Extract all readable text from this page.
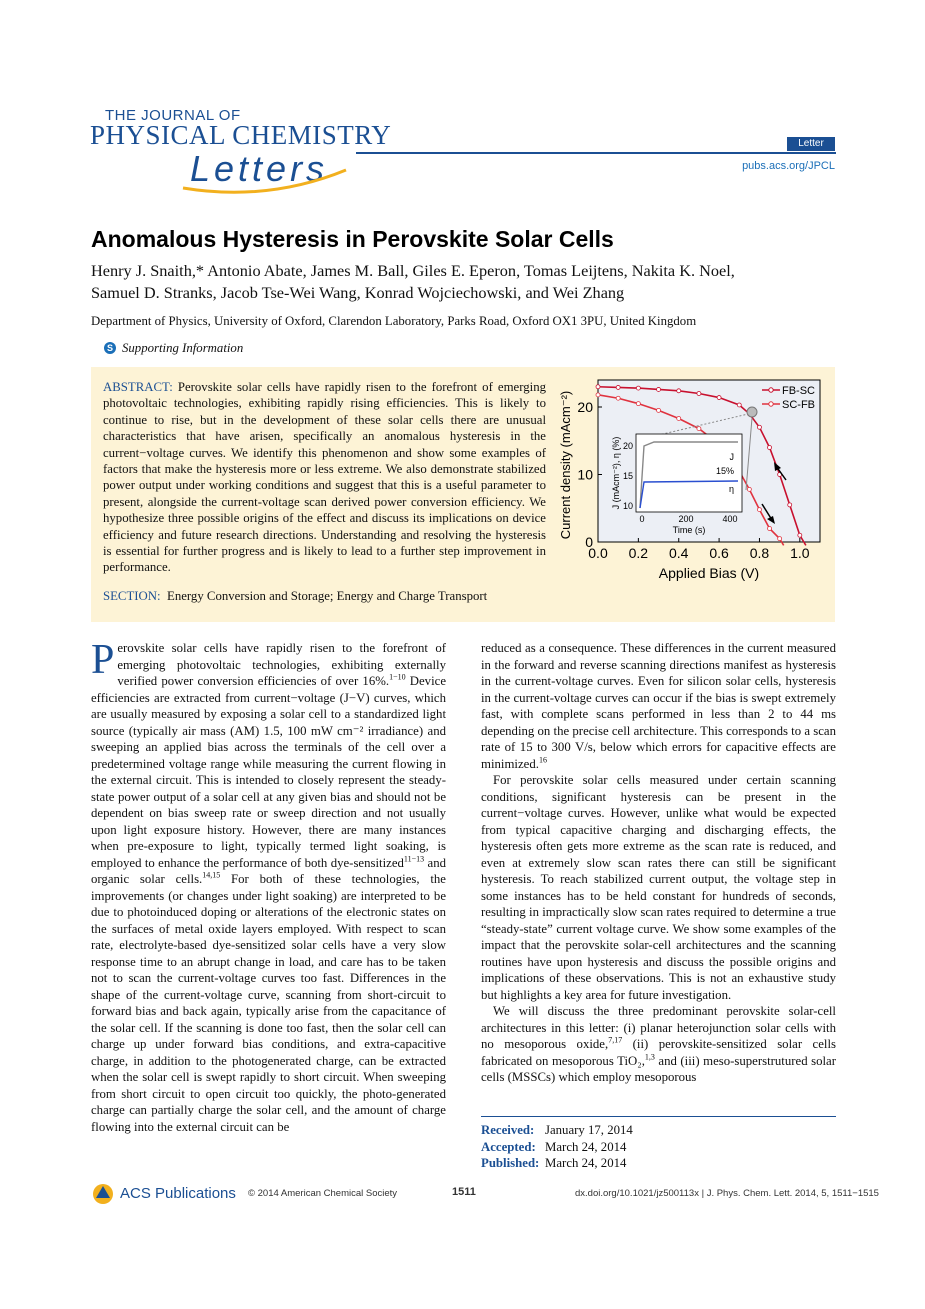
THE JOURNAL OF
PHYSICAL CHEMISTRY
Letters
Letter
pubs.acs.org/JPCL
Anomalous Hysteresis in Perovskite Solar Cells
Henry J. Snaith,* Antonio Abate, James M. Ball, Giles E. Eperon, Tomas Leijtens, Nakita K. Noel,
Samuel D. Stranks, Jacob Tse-Wei Wang, Konrad Wojciechowski, and Wei Zhang
Department of Physics, University of Oxford, Clarendon Laboratory, Parks Road, Oxford OX1 3PU, United Kingdom
S Supporting Information
ABSTRACT: Perovskite solar cells have rapidly risen to the forefront of emerging photovoltaic technologies, exhibiting rapidly rising efficiencies. This is likely to continue to rise, but in the development of these solar cells there are unusual characteristics that have arisen, specifically an anomalous hysteresis in the current−voltage curves. We identify this phenomenon and show some examples of factors that make the hysteresis more or less extreme. We also demonstrate stabilized power output under working conditions and suggest that this is a useful parameter to present, alongside the current-voltage scan derived power conversion efficiency. We hypothesize three possible origins of the effect and discuss its implications on device efficiency and future research directions. Understanding and resolving the hysteresis is essential for further progress and is likely to lead to a further step improvement in performance.
SECTION: Energy Conversion and Storage; Energy and Charge Transport
0.0 0.2 0.4 0.6 0.8 1.0
0
10
20
Applied Bias (V)
Current density (mAcm⁻²)	FB-SC
SC-FB
0	200	400
10
15
20
Time (s)
J (mAcm⁻²), η (%)	J
15%
η

Perovskite solar cells have rapidly risen to the forefront of emerging photovoltaic technologies, exhibiting externally verified power conversion efficiencies of over 16%.$^{1-10}$ Device efficiencies are extracted from current−voltage (J−V) curves, which are usually measured by exposing a solar cell to a standardized light source (typically air mass (AM) 1.5, 100 mW cm⁻² irradiance) and sweeping an applied bias across the terminals of the cell over a predetermined voltage range while measuring the current flowing in the external circuit. This is intended to closely represent the steady-state power output of a solar cell at any given bias and should not be dependent on bias sweep rate or sweep direction and not usually upon light exposure history. However, there are many instances when pre-exposure to light, typically termed light soaking, is employed to enhance the performance of both dye-sensitized$^{11-13}$ and organic solar cells.$^{14,15}$ For both of these technologies, the improvements (or changes under light soaking) are interpreted to be due to photoinduced doping or alterations of the electronic states on the surfaces of metal oxide layers employed. With respect to scan rate, electrolyte-based dye-sensitized solar cells have a very slow response time to an abrupt change in load, and care has to be taken not to scan the current-voltage curves too fast. Differences in the shape of the current-voltage curve, scanning from short-circuit to forward bias and back again, typically arise from the capacitance of the solar cell. If the scanning is done too fast, then the solar cell can charge up under forward bias conditions, and extra-capacitive charge, in addition to the photogenerated charge, can be extracted when the solar cell is swept rapidly to short circuit. When sweeping from short circuit to open circuit too quickly, the photo-generated charge can partially charge the solar cell, and the amount of charge flowing into the external circuit can be

reduced as a consequence. These differences in the current measured in the forward and reverse scanning directions manifest as hysteresis in the current-voltage curves. Even for silicon solar cells, hysteresis in the current-voltage curves can occur if the bias is swept extremely fast, with complete scans performed in less than 2 to 44 ms depending on the precise cell architecture. This corresponds to a scan rate of 15 to 300 V/s, below which errors for capacitive effects are minimized.$^{16}$

For perovskite solar cells measured under certain scanning conditions, significant hysteresis can be present in the current−voltage curves. However, unlike what would be expected from typical capacitive charging and discharging effects, the hysteresis often gets more extreme as the scan rate is reduced, and even at extremely slow scan rates there can still be significant hysteresis. To reach stabilized current output, the voltage step in some instances has to be held constant for hundreds of seconds, resulting in impractically slow scan rates required to determine a true “steady-state” current voltage curve. We show some examples of the impact that the perovskite solar-cell architectures and the scanning routines have upon hysteresis and discuss the possible origins and implications of these observations. This is not an exhaustive study but highlights a key area for future investigation.

We will discuss the three predominant perovskite solar-cell architectures in this letter: (i) planar heterojunction solar cells with no mesoporous oxide,$^{7,17}$ (ii) perovskite-sensitized solar cells fabricated on mesoporous TiO₂,$^{1,3}$ and (iii) meso-superstrutured solar cells (MSSCs) which employ mesoporous

Received: January 17, 2014
Accepted: March 24, 2014
Published: March 24, 2014
ACS Publications © 2014 American Chemical Society	1511	dx.doi.org/10.1021/jz500113x | J. Phys. Chem. Lett. 2014, 5, 1511−1515
